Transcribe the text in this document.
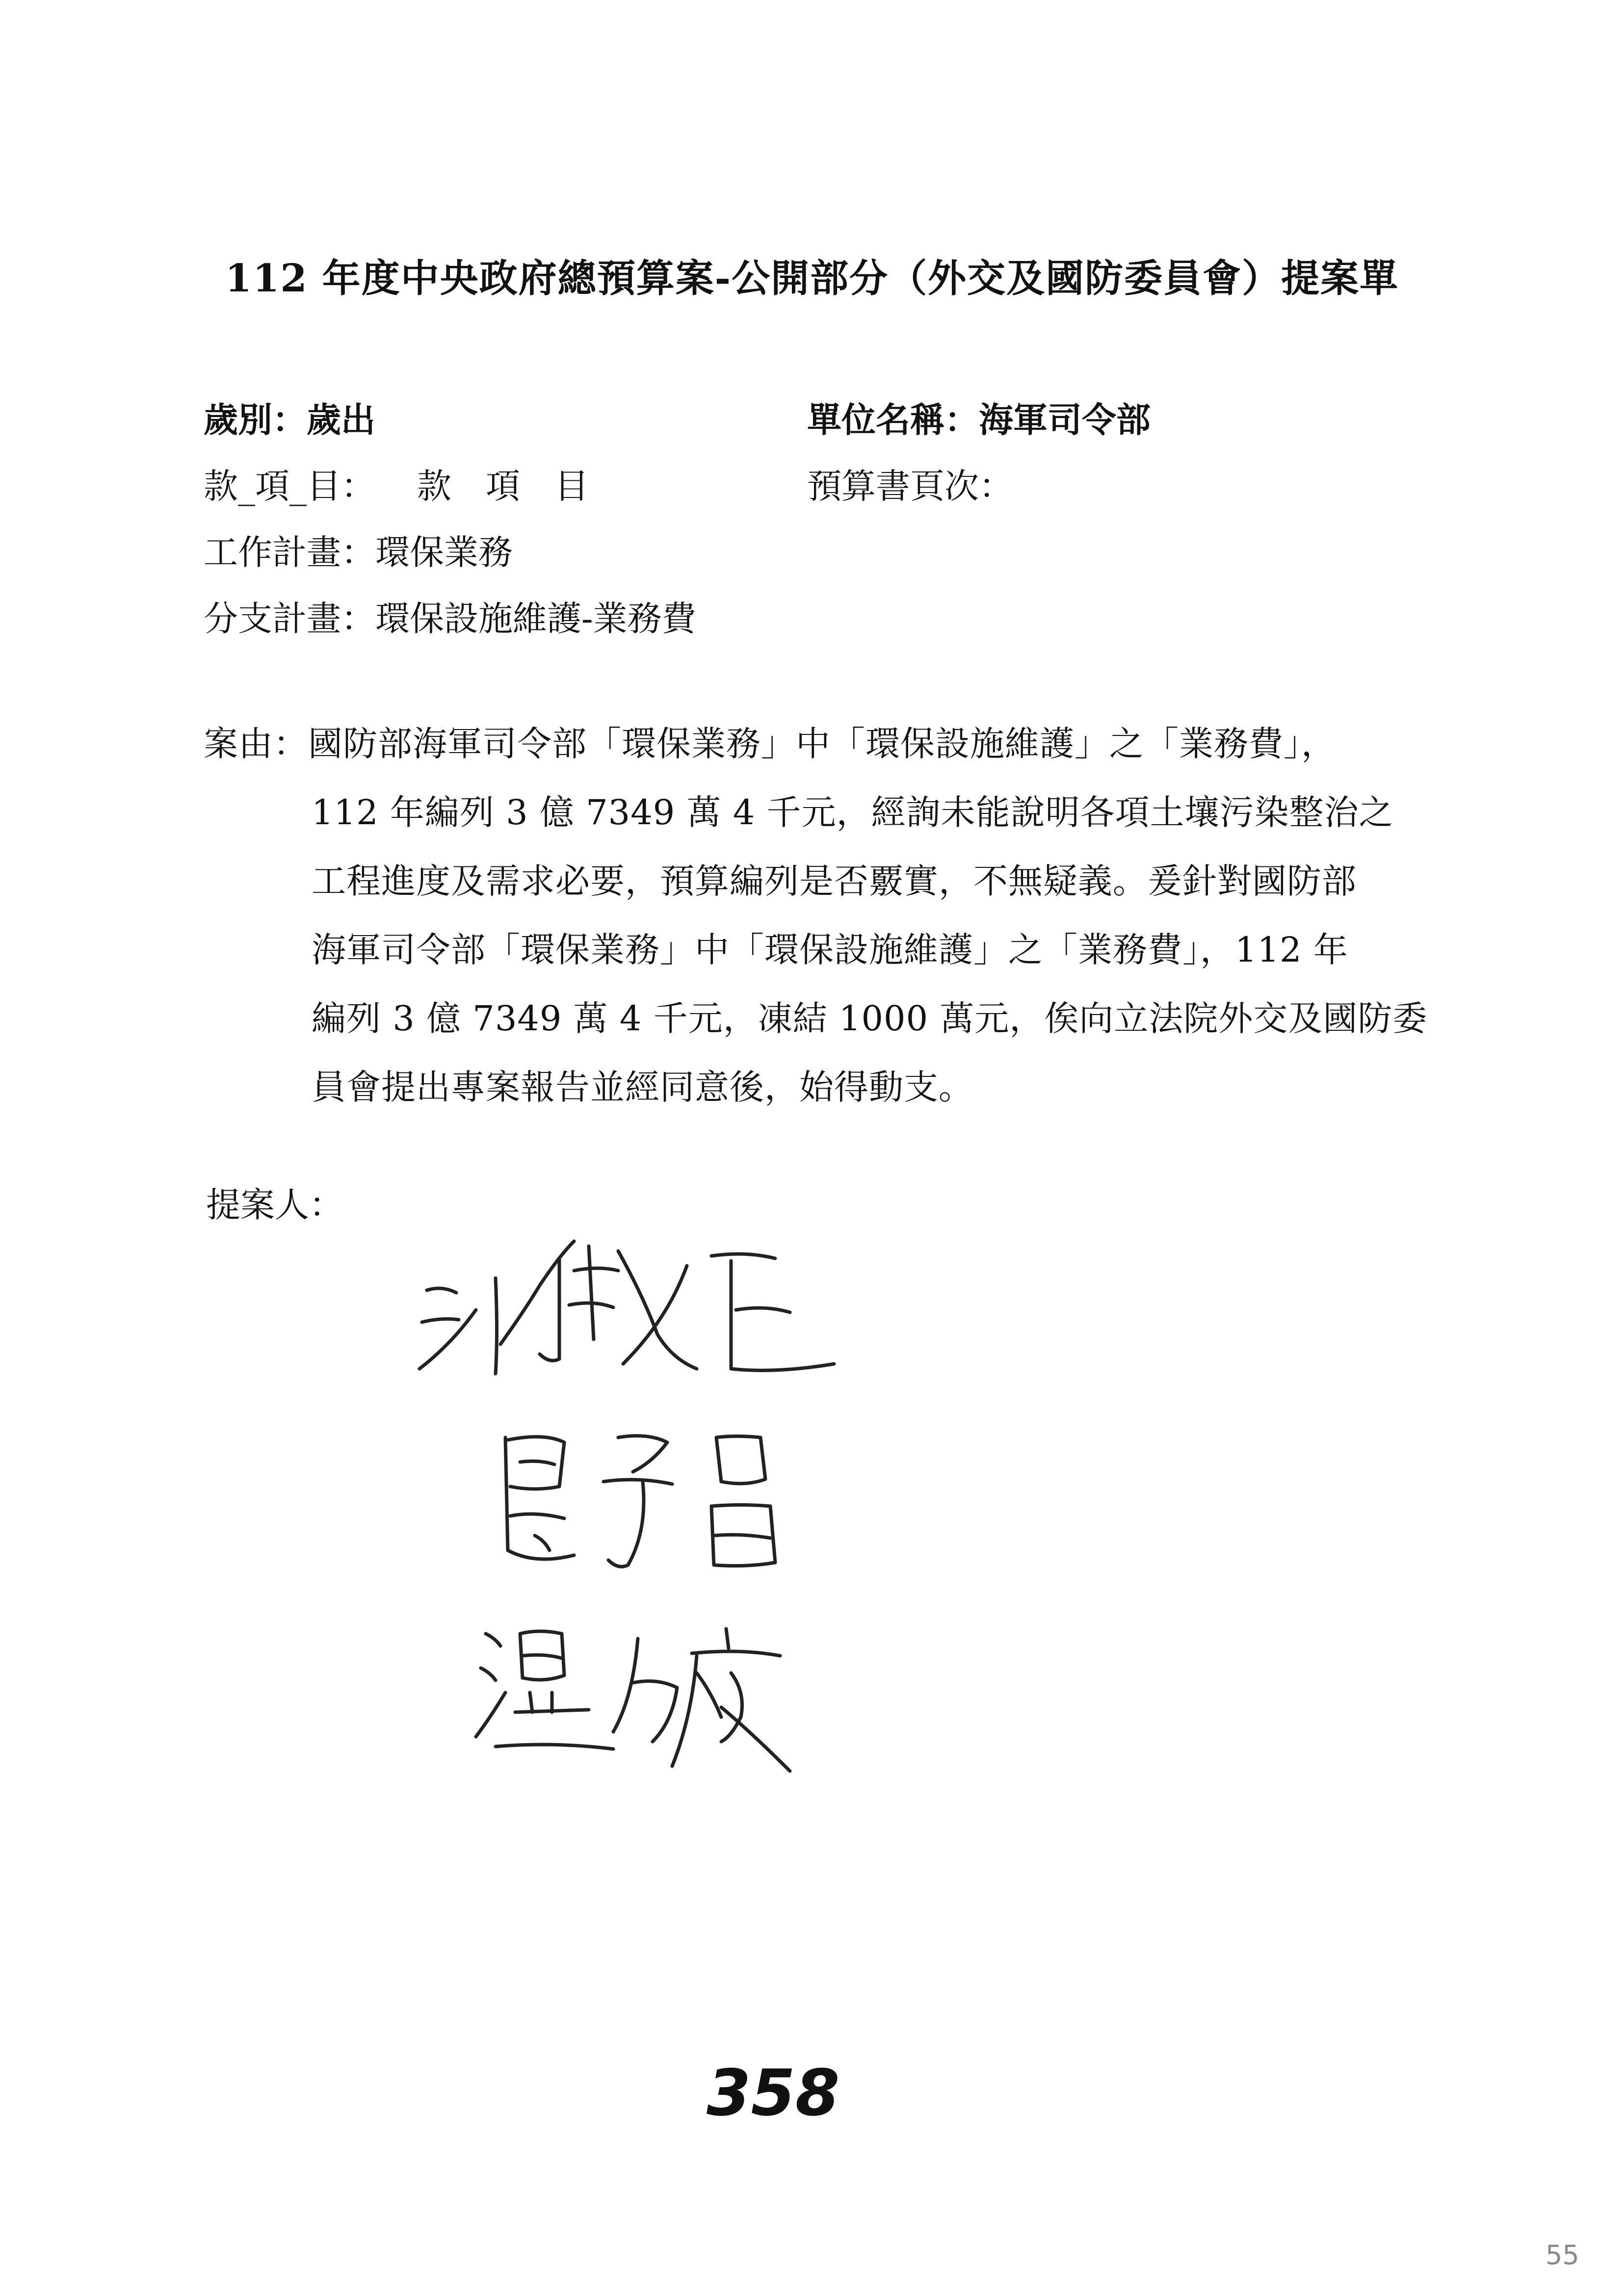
112 年度中央政府總預算案-公開部分（外交及國防委員會）提案單
歲別：歲出	單位名稱：海軍司令部
款_項_目： 款　項　目	預算書頁次：
工作計畫：環保業務
分支計畫：環保設施維護-業務費
案由：國防部海軍司令部「環保業務」中「環保設施維護」之「業務費」，
112 年編列 3 億 7349 萬 4 千元，經詢未能說明各項土壤污染整治之
工程進度及需求必要，預算編列是否覈實，不無疑義。爰針對國防部
海軍司令部「環保業務」中「環保設施維護」之「業務費」，112 年
編列 3 億 7349 萬 4 千元，凍結 1000 萬元，俟向立法院外交及國防委
員會提出專案報告並經同意後，始得動支。
提案人：
358
55
